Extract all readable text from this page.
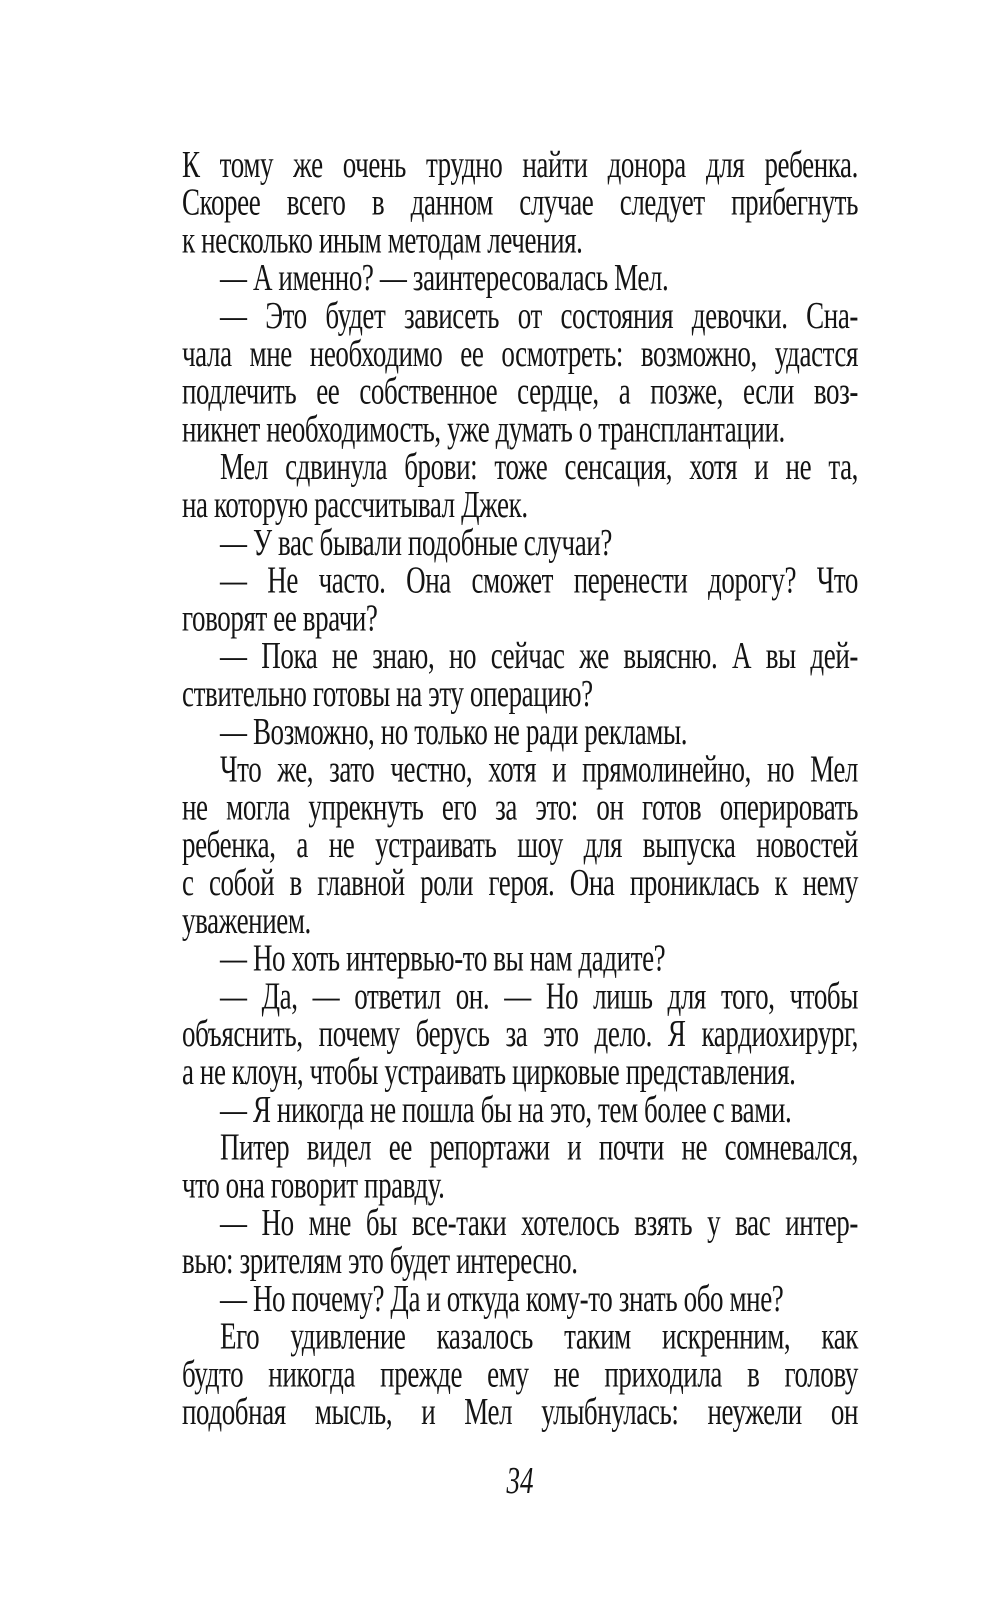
К тому же очень трудно найти донора для ребенка.
Скорее всего в данном случае следует прибегнуть
к несколько иным методам лечения.
— А именно? — заинтересовалась Мел.
— Это будет зависеть от состояния девочки. Сна-
чала мне необходимо ее осмотреть: возможно, удастся
подлечить ее собственное сердце, а позже, если воз-
никнет необходимость, уже думать о трансплантации.
Мел сдвинула брови: тоже сенсация, хотя и не та,
на которую рассчитывал Джек.
— У вас бывали подобные случаи?
— Не часто. Она сможет перенести дорогу? Что
говорят ее врачи?
— Пока не знаю, но сейчас же выясню. А вы дей-
ствительно готовы на эту операцию?
— Возможно, но только не ради рекламы.
Что же, зато честно, хотя и прямолинейно, но Мел
не могла упрекнуть его за это: он готов оперировать
ребенка, а не устраивать шоу для выпуска новостей
с собой в главной роли героя. Она прониклась к нему
уважением.
— Но хоть интервью-то вы нам дадите?
— Да, — ответил он. — Но лишь для того, чтобы
объяснить, почему берусь за это дело. Я кардиохирург,
а не клоун, чтобы устраивать цирковые представления.
— Я никогда не пошла бы на это, тем более с вами.
Питер видел ее репортажи и почти не сомневался,
что она говорит правду.
— Но мне бы все-таки хотелось взять у вас интер-
вью: зрителям это будет интересно.
— Но почему? Да и откуда кому-то знать обо мне?
Его удивление казалось таким искренним, как
будто никогда прежде ему не приходила в голову
подобная мысль, и Мел улыбнулась: неужели он
34
